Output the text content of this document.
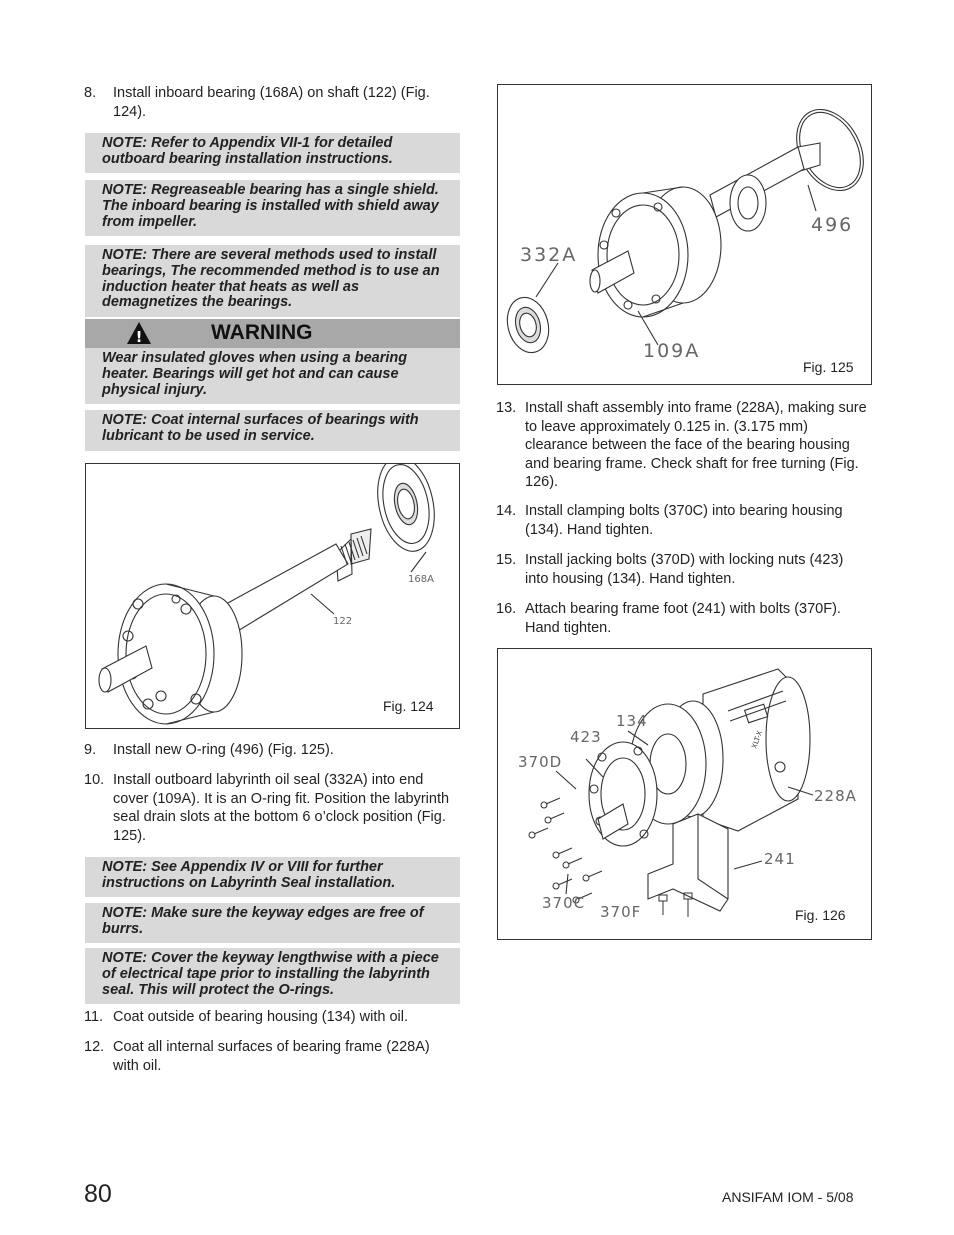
8. Install inboard bearing (168A) on shaft (122) (Fig. 124).
NOTE: Refer to Appendix VII-1 for detailed outboard bearing installation instructions.
NOTE: Regreaseable bearing has a single shield. The inboard bearing is installed with shield away from impeller.
NOTE: There are several methods used to install bearings, The recommended method is to use an induction heater that heats as well as demagnetizes the bearings.
!	WARNING
Wear insulated gloves when using a bearing heater. Bearings will get hot and can cause physical injury.
NOTE: Coat internal surfaces of bearings with lubricant to be used in service.
168A
122
Fig. 124
9. Install new O-ring (496) (Fig. 125).
10. Install outboard labyrinth oil seal (332A) into end cover (109A). It is an O-ring fit. Position the labyrinth seal drain slots at the bottom 6 o’clock position (Fig. 125).
NOTE: See Appendix IV or VIII for further instructions on Labyrinth Seal installation.
NOTE: Make sure the keyway edges are free of burrs.
NOTE: Cover the keyway lengthwise with a piece of electrical tape prior to installing the labyrinth seal. This will protect the O-rings.
11. Coat outside of bearing housing (134) with oil.
12. Coat all internal surfaces of bearing frame (228A) with oil.
332A
109A
496
Fig. 125
13. Install shaft assembly into frame (228A), making sure to leave approximately 0.125 in. (3.175 mm) clearance between the face of the bearing housing and bearing frame. Check shaft for free turning (Fig. 126).
14. Install clamping bolts (370C) into bearing housing (134). Hand tighten.
15. Install jacking bolts (370D) with locking nuts (423) into housing (134). Hand tighten.
16. Attach bearing frame foot (241) with bolts (370F). Hand tighten.
423
134
370D
228A
241
370C 370F
XLT-X
Fig. 126
80	ANSIFAM IOM - 5/08
